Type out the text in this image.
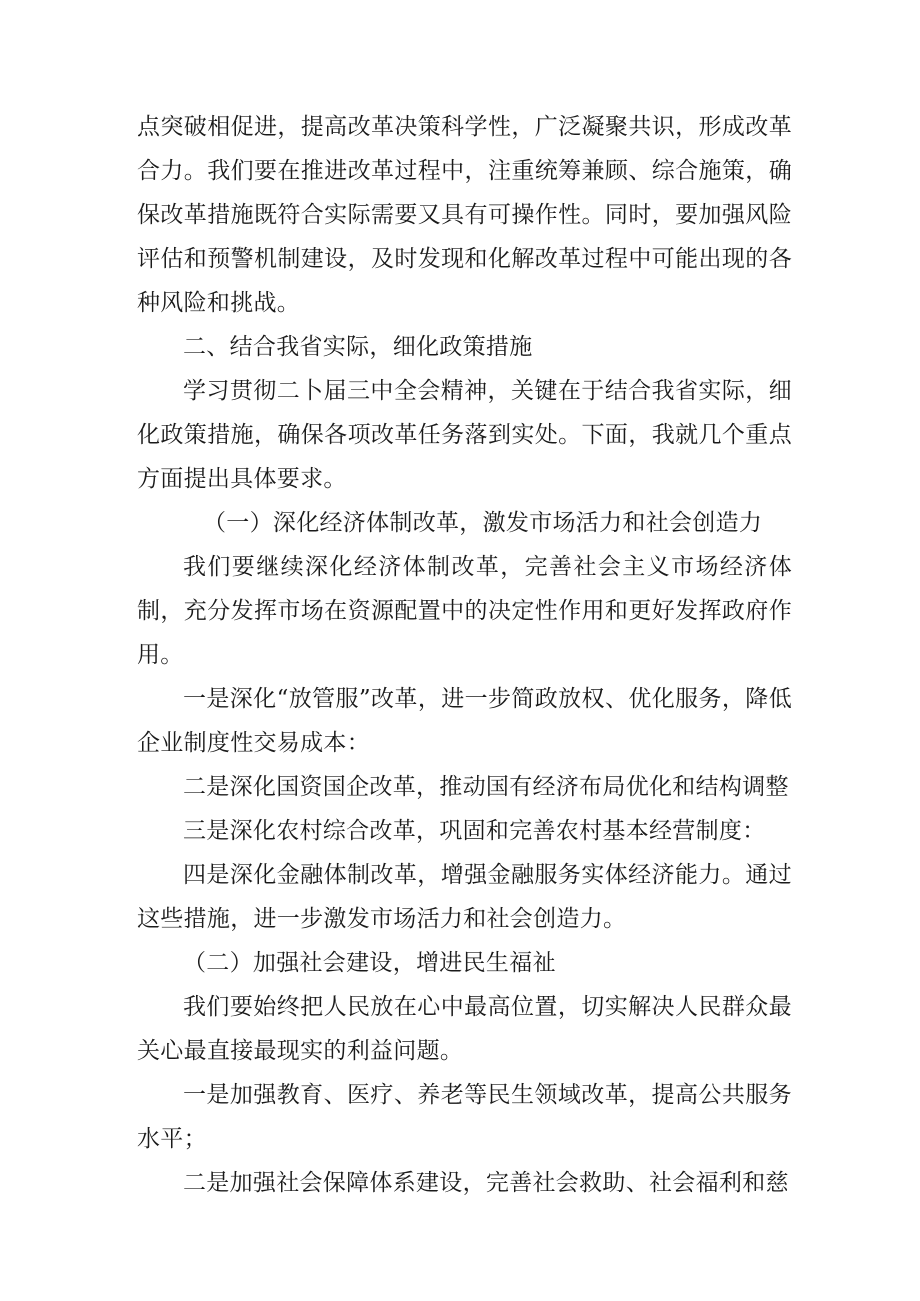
点突破相促进，提高改革决策科学性，广泛凝聚共识，形成改革合力。我们要在推进改革过程中，注重统筹兼顾、综合施策，确保改革措施既符合实际需要又具有可操作性。同时，要加强风险评估和预警机制建设，及时发现和化解改革过程中可能出现的各种风险和挑战。

二、结合我省实际，细化政策措施

学习贯彻二卜届三中全会精神，关键在于结合我省实际，细化政策措施，确保各项改革任务落到实处。下面，我就几个重点方面提出具体要求。

（一）深化经济体制改革，激发市场活力和社会创造力

我们要继续深化经济体制改革，完善社会主义市场经济体制，充分发挥市场在资源配置中的决定性作用和更好发挥政府作用。

一是深化“放管服”改革，进一步简政放权、优化服务，降低企业制度性交易成本：

二是深化国资国企改革，推动国有经济布局优化和结构调整

三是深化农村综合改革，巩固和完善农村基本经营制度：

四是深化金融体制改革，增强金融服务实体经济能力。通过这些措施，进一步激发市场活力和社会创造力。

（二）加强社会建设，增进民生福祉

我们要始终把人民放在心中最高位置，切实解决人民群众最关心最直接最现实的利益问题。

一是加强教育、医疗、养老等民生领域改革，提高公共服务水平；

二是加强社会保障体系建设，完善社会救助、社会福利和慈
